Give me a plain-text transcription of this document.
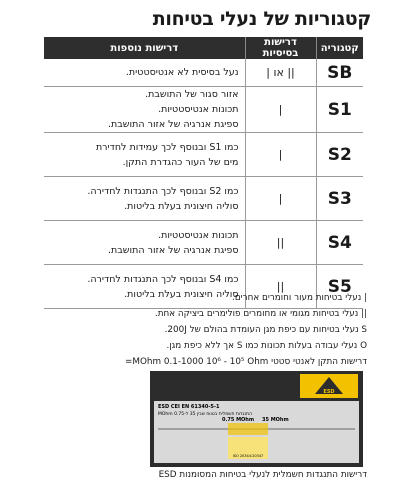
קטגוריות של נעלי בטיחות
קטגוריה	דרישות בסיסיות	דרישות נוספות
SB	|| או |	נעל בסיסית לא אנטיסטטית.

S1	|	אזור סגור של התושבת.
תכונות אנטיסטטיות.
ספיגת אנרגיה של אזור התושבת.

S2	|	כמו S1 ובנוסף לכך עמידות לחדירת
מים של העור כהגדרת התקן.

S3	|	כמו S2 ובנוסף לכך התנגדות לחדירה.
סוליה חיצונית בעלת בליטות.

S4	||	תכונות אנטיסטטיות.
ספיגת אנרגיה של אזור התושבת.

S5	||	כמו S4 ובנוסף לכך התנגדות לחדירה.
סוליה חיצונית בעלת בליטות.

| נעלי בטיחות מעור וחומרים אחרים.

|| נעלי בטיחות מגומי או מחומרים פולימרים ביציקה אחת.

S נעלי בטיחות עם כיפת מגן העומדת בהולם של 200J.

O נעלי עבודה בעלות תכונות כמו S אך ללא כיפת מגן.

דרישות התקן לאנטי סטטי Ohm ‏10⁵ - 10⁶ ‏MOhm 0.1-1000=

ESD
ESD CEI EN 61340-5-1
MOhm התנגדות חשמלית בטווח שבין 35 ל-0.75
0.75 MOhm 35 MOhm
ISO 20344:20347

דרישות התנגדות חשמלית לנעלי בטיחות המסומנות ESD
